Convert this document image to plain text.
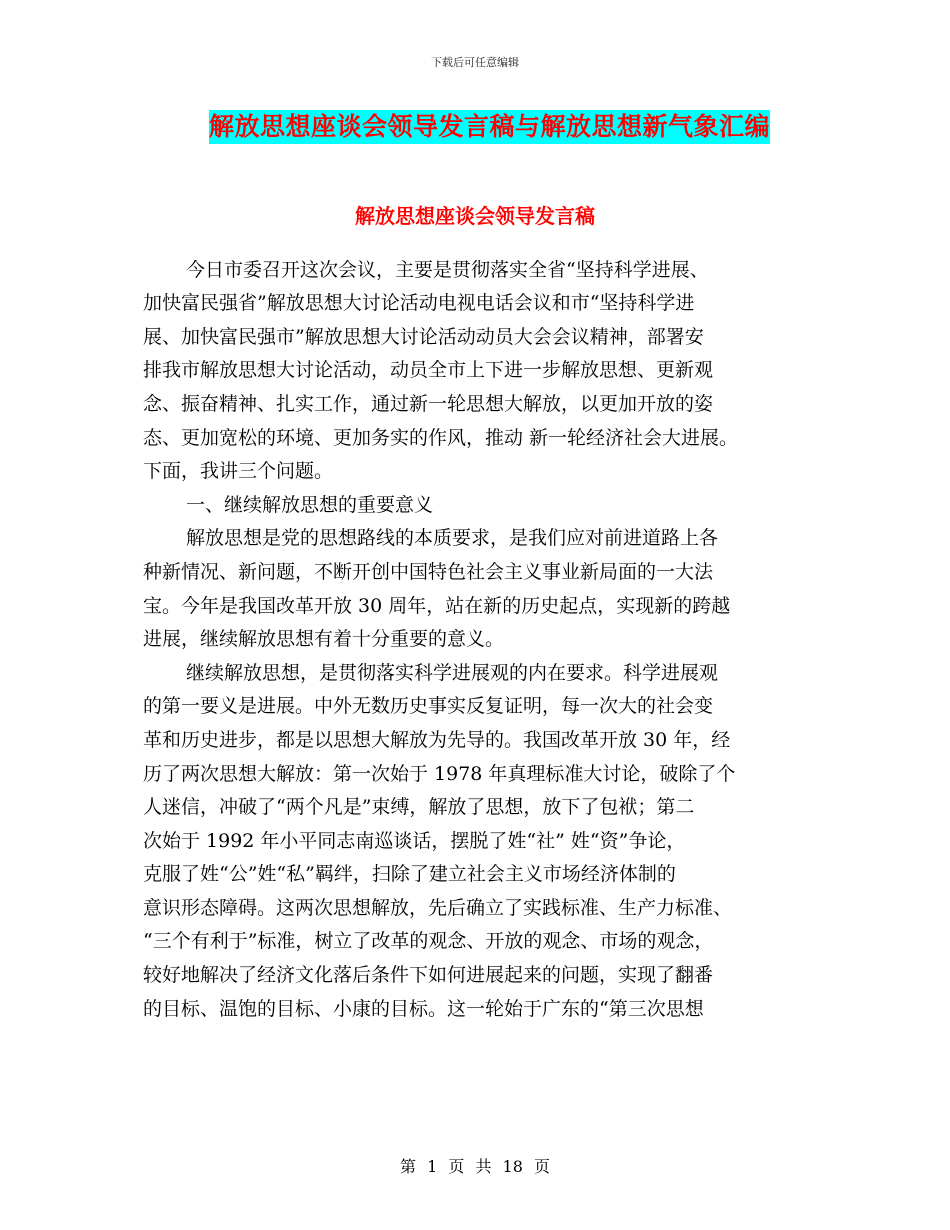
下载后可任意编辑
解放思想座谈会领导发言稿与解放思想新气象汇编
解放思想座谈会领导发言稿
今日市委召开这次会议，主要是贯彻落实全省“坚持科学进展、
加快富民强省”解放思想大讨论活动电视电话会议和市“坚持科学进
展、加快富民强市”解放思想大讨论活动动员大会会议精神，部署安
排我市解放思想大讨论活动，动员全市上下进一步解放思想、更新观
念、振奋精神、扎实工作，通过新一轮思想大解放，以更加开放的姿
态、更加宽松的环境、更加务实的作风，推动 新一轮经济社会大进展。
下面，我讲三个问题。
一、继续解放思想的重要意义
解放思想是党的思想路线的本质要求，是我们应对前进道路上各
种新情况、新问题，不断开创中国特色社会主义事业新局面的一大法
宝。今年是我国改革开放 30 周年，站在新的历史起点，实现新的跨越
进展，继续解放思想有着十分重要的意义。
继续解放思想，是贯彻落实科学进展观的内在要求。科学进展观
的第一要义是进展。中外无数历史事实反复证明，每一次大的社会变
革和历史进步，都是以思想大解放为先导的。我国改革开放 30 年，经
历了两次思想大解放：第一次始于 1978 年真理标准大讨论，破除了个
人迷信，冲破了“两个凡是”束缚，解放了思想，放下了包袱；第二
次始于 1992 年小平同志南巡谈话，摆脱了姓“社” 姓“资”争论，
克服了姓“公”姓“私”羁绊，扫除了建立社会主义市场经济体制的
意识形态障碍。这两次思想解放，先后确立了实践标准、生产力标准、
“三个有利于”标准，树立了改革的观念、开放的观念、市场的观念，
较好地解决了经济文化落后条件下如何进展起来的问题，实现了翻番
的目标、温饱的目标、小康的目标。这一轮始于广东的“第三次思想
第 1 页 共 18 页
